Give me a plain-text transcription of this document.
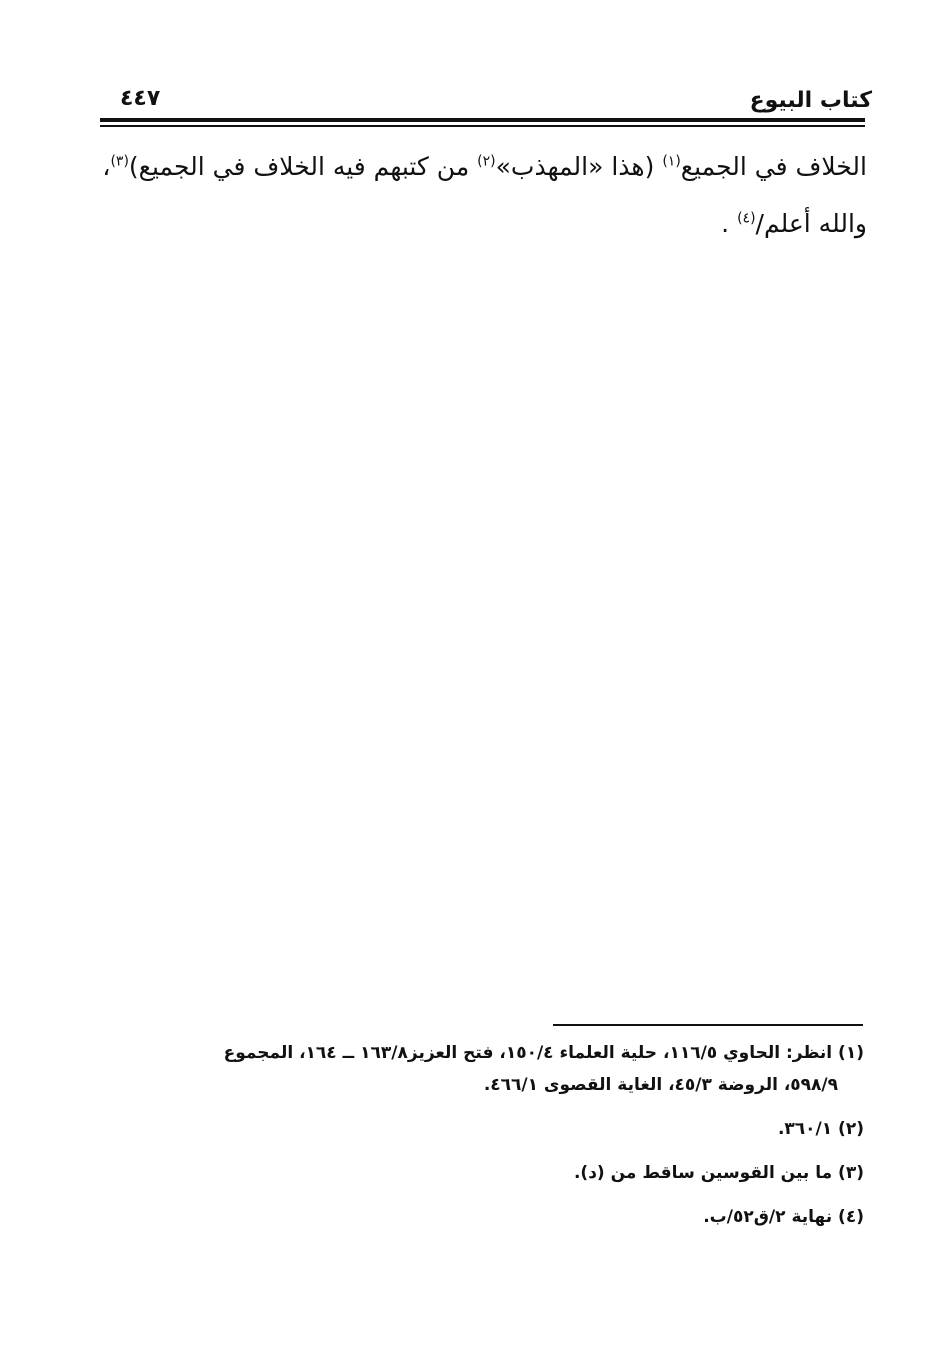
كتاب البيوع
٤٤٧
الخلاف في الجميع$^{(١)}$ (هذا «المهذب»$^{(٢)}$ من كتبهم فيه الخلاف في الجميع)$^{(٣)}$،
والله أعلم/$^{(٤)}$ .
(١) انظر: الحاوي ١١٦/٥، حلية العلماء ١٥٠/٤، فتح العزيز١٦٣/٨ ــ ١٦٤، المجموع
٥٩٨/٩، الروضة ٤٥/٣، الغاية القصوى ٤٦٦/١.
(٢) ٣٦٠/١.
(٣) ما بين القوسين ساقط من (د).
(٤) نهاية ٢/ق٥٢/ب.
